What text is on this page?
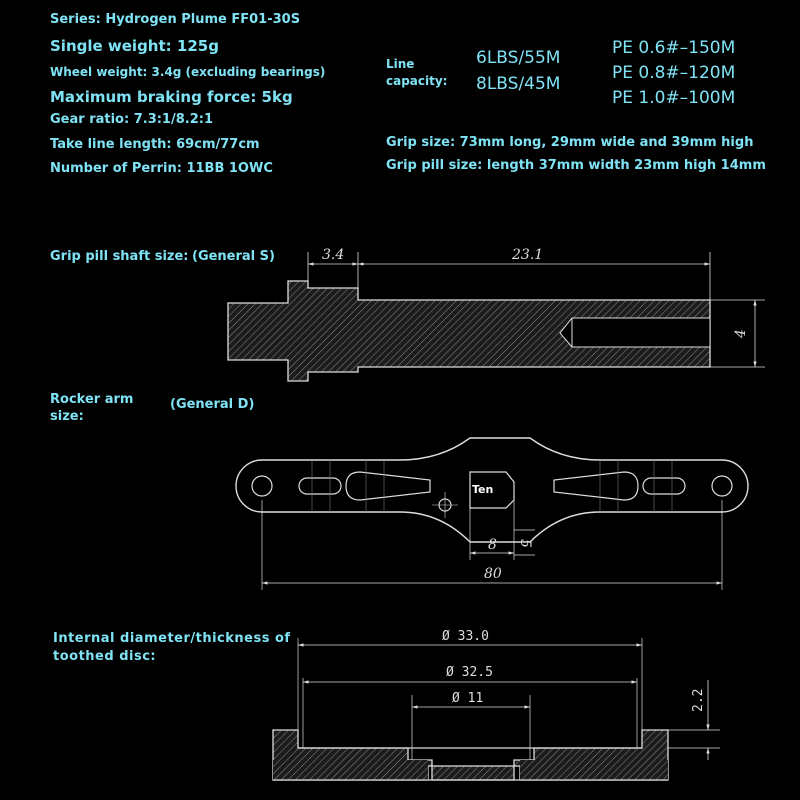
Series: Hydrogen Plume FF01-30S
Single weight: 125g
Wheel weight: 3.4g (excluding bearings)
Maximum braking force: 5kg
Gear ratio: 7.3:1/8.2:1
Take line length: 69cm/77cm
Number of Perrin: 11BB 1OWC
Line
capacity:
6LBS/55M
8LBS/45M
PE 0.6#–150M
PE 0.8#–120M
PE 1.0#–100M
Grip size: 73mm long, 29mm wide and 39mm high
Grip pill size: length 37mm width 23mm high 14mm
Grip pill shaft size: (General S)
Rocker arm
size:
(General D)
Internal diameter/thickness of
toothed disc:
3.4	23.1
4
Ten
8 5
80
Ø 33.0
Ø 32.5
Ø 11	2.2
